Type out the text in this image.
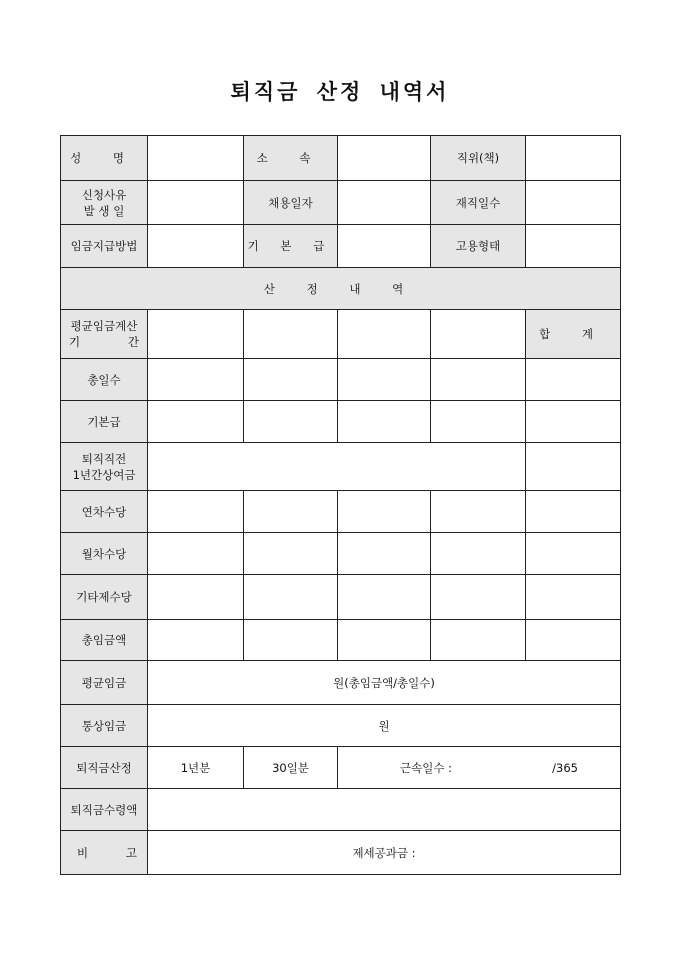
퇴직금 산정 내역서
성 명		소 속		직위(책)	

신청사유
발 생 일		채용일자		재직일수	
임금지급방법		기 본 급		고용형태	
산 정 내 역					

평균임금계산
기 간					합 계
총일수					
기본급					

퇴직직전
1년간상여금					

연차수당					
월차수당					
기타제수당					
총임금액					
평균임금	원(총임금액/총일수)				
통상임금	원				
퇴직금산정	1년분	30일분	근속일수 : /365		

퇴직금수령액					

비 고	제세공과금 :				
